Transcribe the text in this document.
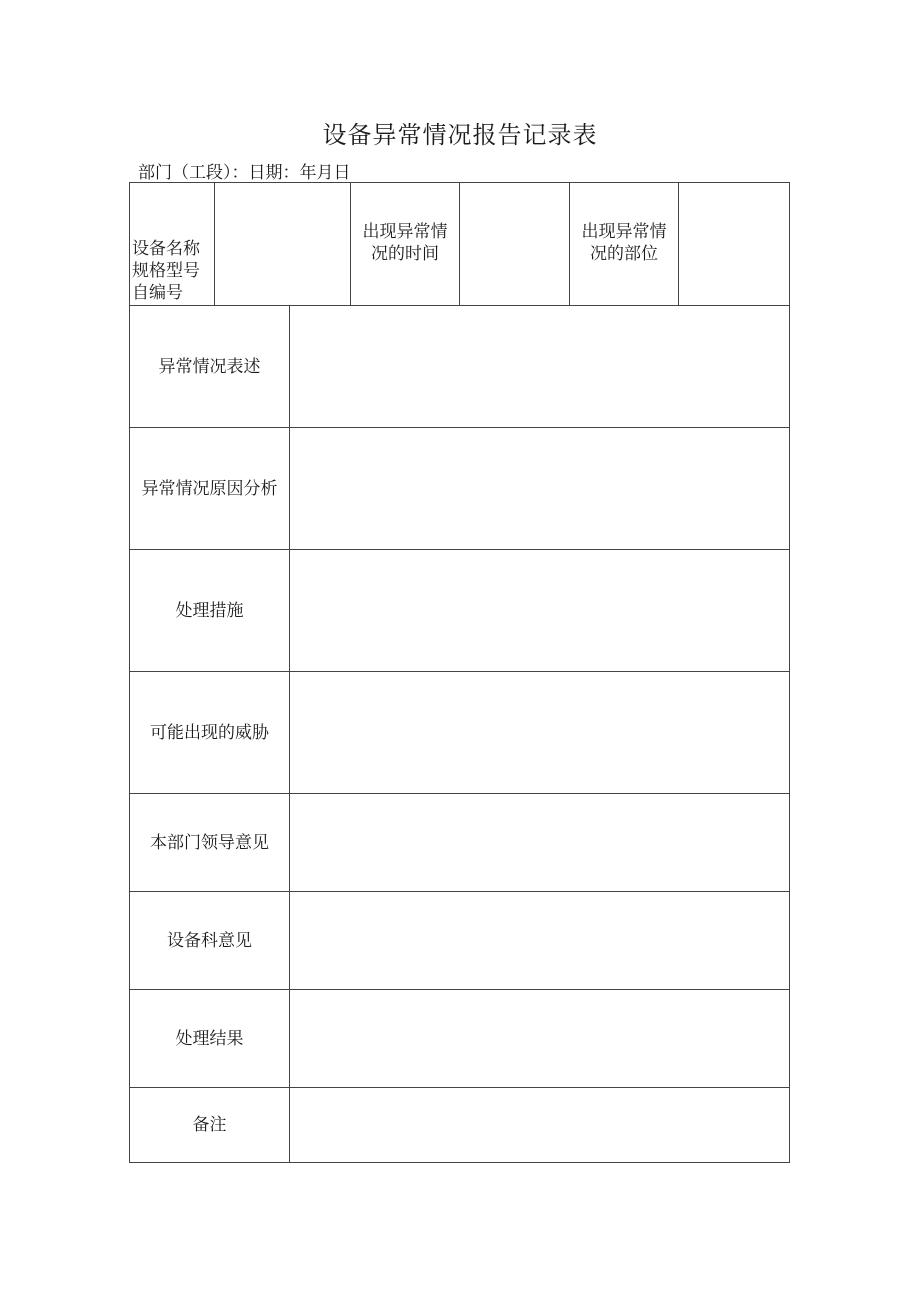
设备异常情况报告记录表
部门（工段）：日期：年月日
设备名称
规格型号
自编号
出现异常情
况的时间
出现异常情
况的部位
异常情况表述
异常情况原因分析
处理措施
可能出现的威胁
本部门领导意见
设备科意见
处理结果
备注
